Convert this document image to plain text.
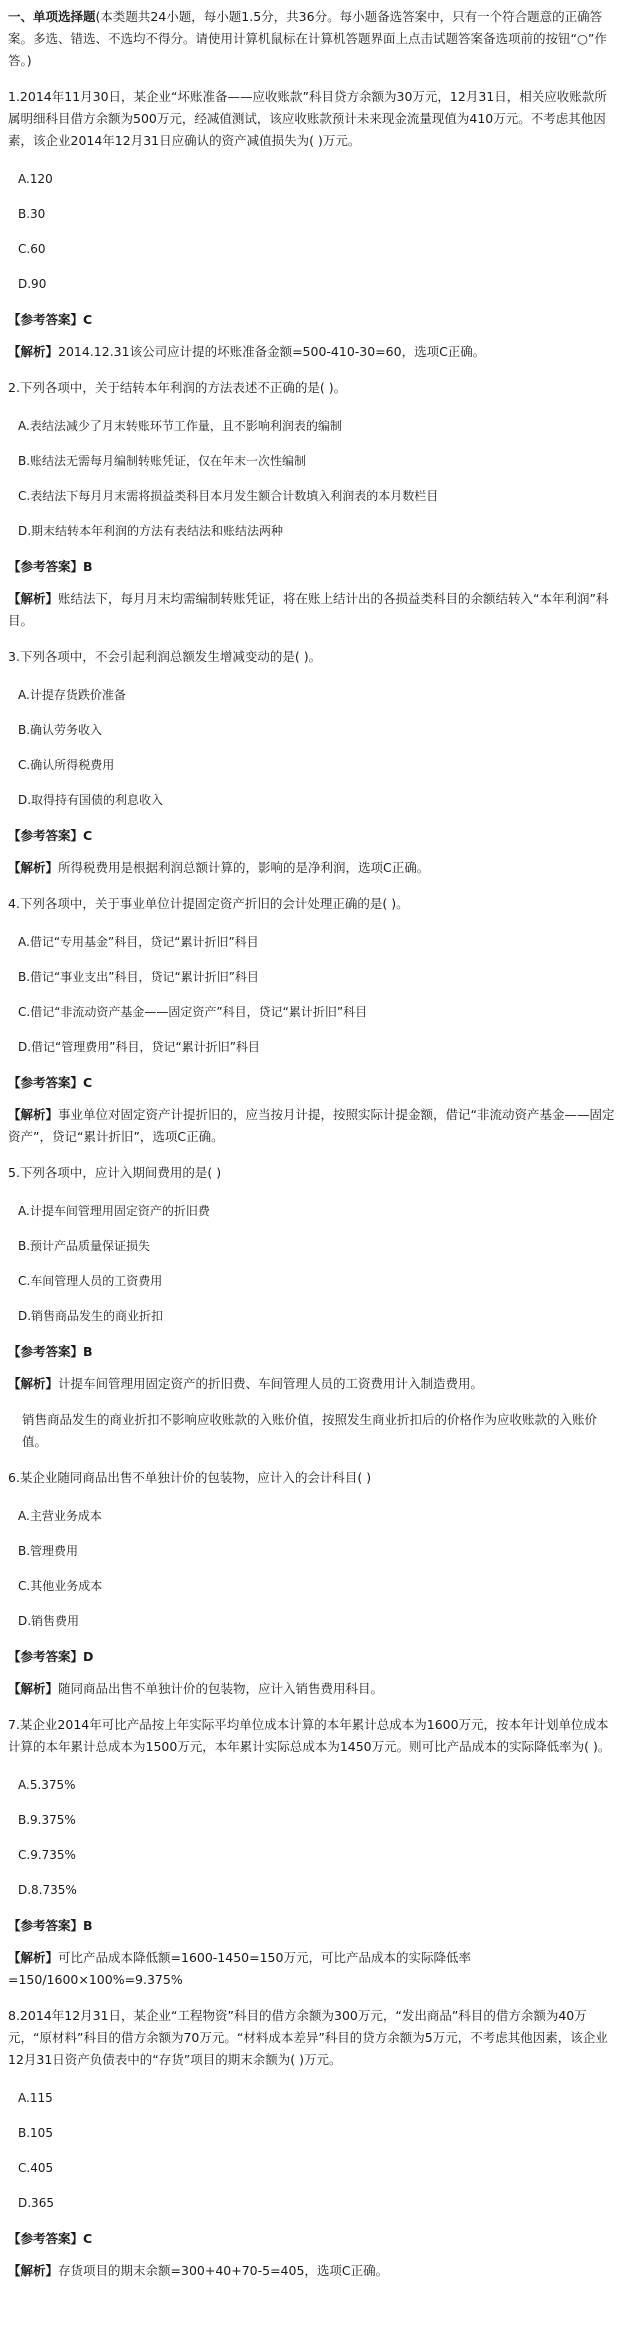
一、单项选择题(本类题共24小题，每小题1.5分，共36分。每小题备选答案中，只有一个符合题意的正确答案。多选、错选、不选均不得分。请使用计算机鼠标在计算机答题界面上点击试题答案备选项前的按钮“○”作答。)

1.2014年11月30日，某企业“坏账准备——应收账款”科目贷方余额为30万元，12月31日，相关应收账款所属明细科目借方余额为500万元，经减值测试，该应收账款预计未来现金流量现值为410万元。不考虑其他因素，该企业2014年12月31日应确认的资产减值损失为( )万元。

A.120

B.30

C.60

D.90

【参考答案】C

【解析】2014.12.31该公司应计提的坏账准备金额=500-410-30=60，选项C正确。

2.下列各项中，关于结转本年利润的方法表述不正确的是( )。

A.表结法减少了月末转账环节工作量，且不影响利润表的编制

B.账结法无需每月编制转账凭证，仅在年末一次性编制

C.表结法下每月月末需将损益类科目本月发生额合计数填入利润表的本月数栏目

D.期末结转本年利润的方法有表结法和账结法两种

【参考答案】B

【解析】账结法下，每月月末均需编制转账凭证，将在账上结计出的各损益类科目的余额结转入“本年利润”科目。

3.下列各项中，不会引起利润总额发生增减变动的是( )。

A.计提存货跌价准备

B.确认劳务收入

C.确认所得税费用

D.取得持有国债的利息收入

【参考答案】C

【解析】所得税费用是根据利润总额计算的，影响的是净利润，选项C正确。

4.下列各项中，关于事业单位计提固定资产折旧的会计处理正确的是( )。

A.借记“专用基金”科目，贷记“累计折旧”科目

B.借记“事业支出”科目，贷记“累计折旧”科目

C.借记“非流动资产基金——固定资产”科目，贷记“累计折旧”科目

D.借记“管理费用”科目，贷记“累计折旧”科目

【参考答案】C

【解析】事业单位对固定资产计提折旧的，应当按月计提，按照实际计提金额，借记“非流动资产基金——固定资产”，贷记“累计折旧”，选项C正确。

5.下列各项中，应计入期间费用的是( )

A.计提车间管理用固定资产的折旧费

B.预计产品质量保证损失

C.车间管理人员的工资费用

D.销售商品发生的商业折扣

【参考答案】B

【解析】计提车间管理用固定资产的折旧费、车间管理人员的工资费用计入制造费用。

销售商品发生的商业折扣不影响应收账款的入账价值，按照发生商业折扣后的价格作为应收账款的入账价值。

6.某企业随同商品出售不单独计价的包装物，应计入的会计科目( )

A.主营业务成本

B.管理费用

C.其他业务成本

D.销售费用

【参考答案】D

【解析】随同商品出售不单独计价的包装物，应计入销售费用科目。

7.某企业2014年可比产品按上年实际平均单位成本计算的本年累计总成本为1600万元，按本年计划单位成本计算的本年累计总成本为1500万元，本年累计实际总成本为1450万元。则可比产品成本的实际降低率为( )。

A.5.375%

B.9.375%

C.9.735%

D.8.735%

【参考答案】B

【解析】可比产品成本降低额=1600-1450=150万元，可比产品成本的实际降低率=150/1600×100%=9.375%

8.2014年12月31日，某企业“工程物资”科目的借方余额为300万元，“发出商品”科目的借方余额为40万元，“原材料”科目的借方余额为70万元。“材料成本差异”科目的贷方余额为5万元，不考虑其他因素，该企业12月31日资产负债表中的“存货”项目的期末余额为( )万元。

A.115

B.105

C.405

D.365

【参考答案】C

【解析】存货项目的期末余额=300+40+70-5=405，选项C正确。
